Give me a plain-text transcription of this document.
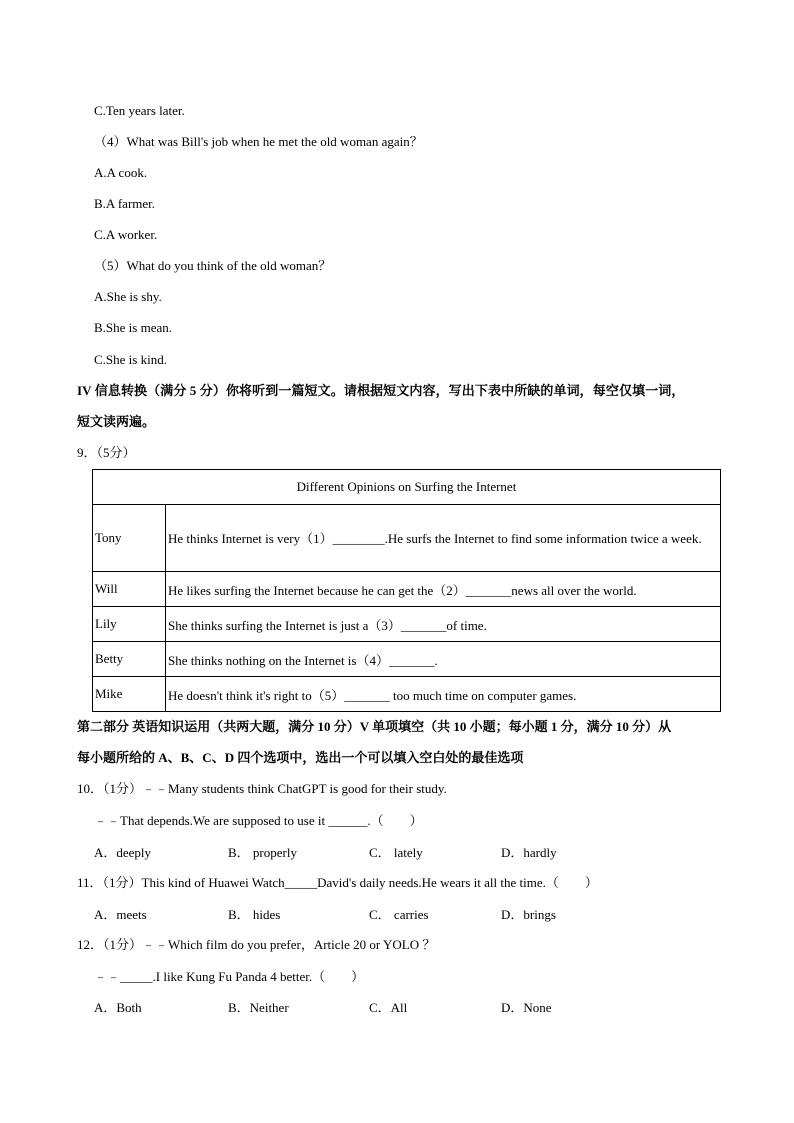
C.Ten years later.
（4）What was Bill's job when he met the old woman again？
A.A cook.
B.A farmer.
C.A worker.
（5）What do you think of the old woman？
A.She is shy.
B.She is mean.
C.She is kind.
IV 信息转换（满分 5 分）你将听到一篇短文。请根据短文内容，写出下表中所缺的单词，每空仅填一词，
短文读两遍。
9．（5分）
Different Opinions on Surfing the Internet	
Tony	He thinks Internet is very（1）________.He surfs the Internet to find some information twice a week.
Will	He likes surfing the Internet because he can get the（2）_______news all over the world.
Lily	She thinks surfing the Internet is just a（3）_______of time.
Betty	She thinks nothing on the Internet is（4）_______.
Mike	He doesn't think it's right to（5）_______ too much time on computer games.
第二部分 英语知识运用（共两大题，满分 10 分）V 单项填空（共 10 小题；每小题 1 分，满分 10 分）从
每小题所给的 A、B、C、D 四个选项中，选出一个可以填入空白处的最佳选项
10．（1分）﹣﹣Many students think ChatGPT is good for their study.
﹣﹣That depends.We are supposed to use it ______.（　　）
A．deeply	B． properly	C． lately	D．hardly
11．（1分）This kind of Huawei Watch_____David's daily needs.He wears it all the time.（　　）
A．meets	B． hides	C． carries	D．brings
12．（1分）﹣﹣Which film do you prefer，Article 20 or YOLO ？
﹣﹣_____.I like Kung Fu Panda 4 better.（　　）
A．Both	B．Neither	C．All	D．None
